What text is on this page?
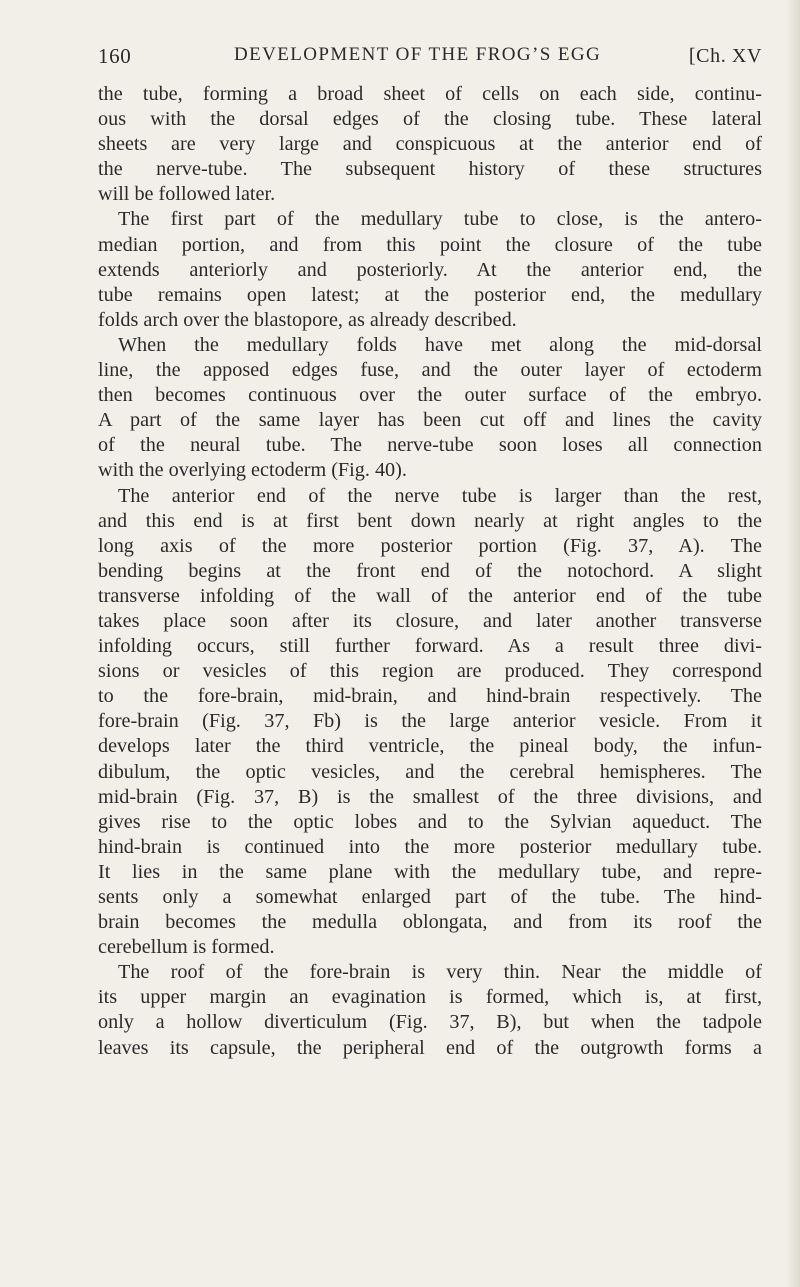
160	DEVELOPMENT OF THE FROG’S EGG	[Ch. XV
the tube, forming a broad sheet of cells on each side, continu-
ous with the dorsal edges of the closing tube. These lateral
sheets are very large and conspicuous at the anterior end of
the nerve-tube. The subsequent history of these structures
will be followed later.
The first part of the medullary tube to close, is the antero-
median portion, and from this point the closure of the tube
extends anteriorly and posteriorly. At the anterior end, the
tube remains open latest; at the posterior end, the medullary
folds arch over the blastopore, as already described.
When the medullary folds have met along the mid-dorsal
line, the apposed edges fuse, and the outer layer of ectoderm
then becomes continuous over the outer surface of the embryo.
A part of the same layer has been cut off and lines the cavity
of the neural tube. The nerve-tube soon loses all connection
with the overlying ectoderm (Fig. 40).
The anterior end of the nerve tube is larger than the rest,
and this end is at first bent down nearly at right angles to the
long axis of the more posterior portion (Fig. 37, A). The
bending begins at the front end of the notochord. A slight
transverse infolding of the wall of the anterior end of the tube
takes place soon after its closure, and later another transverse
infolding occurs, still further forward. As a result three divi-
sions or vesicles of this region are produced. They correspond
to the fore-brain, mid-brain, and hind-brain respectively. The
fore-brain (Fig. 37, Fb) is the large anterior vesicle. From it
develops later the third ventricle, the pineal body, the infun-
dibulum, the optic vesicles, and the cerebral hemispheres. The
mid-brain (Fig. 37, B) is the smallest of the three divisions, and
gives rise to the optic lobes and to the Sylvian aqueduct. The
hind-brain is continued into the more posterior medullary tube.
It lies in the same plane with the medullary tube, and repre-
sents only a somewhat enlarged part of the tube. The hind-
brain becomes the medulla oblongata, and from its roof the
cerebellum is formed.
The roof of the fore-brain is very thin. Near the middle of
its upper margin an evagination is formed, which is, at first,
only a hollow diverticulum (Fig. 37, B), but when the tadpole
leaves its capsule, the peripheral end of the outgrowth forms a
